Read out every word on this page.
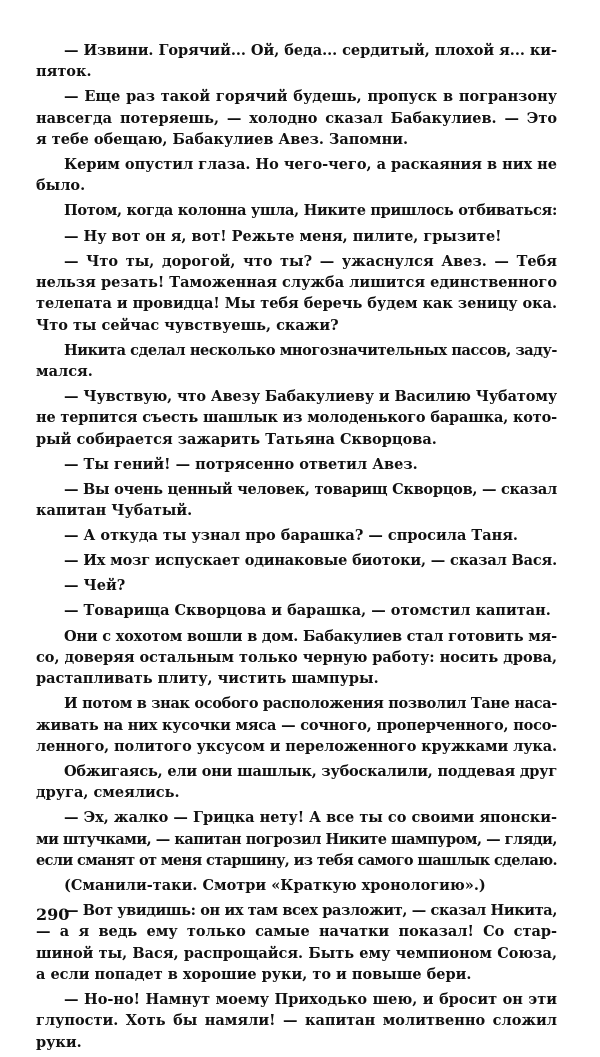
— Извини. Горячий... Ой, беда... сердитый, плохой я... ки-
пяток.
— Еще раз такой горячий будешь, пропуск в погранзону
навсегда потеряешь, — холодно сказал Бабакулиев. — Это
я тебе обещаю, Бабакулиев Авез. Запомни.
Керим опустил глаза. Но чего-чего, а раскаяния в них не
было.
Потом, когда колонна ушла, Никите пришлось отбиваться:
— Ну вот он я, вот! Режьте меня, пилите, грызите!
— Что ты, дорогой, что ты? — ужаснулся Авез. — Тебя
нельзя резать! Таможенная служба лишится единственного
телепата и провидца! Мы тебя беречь будем как зеницу ока.
Что ты сейчас чувствуешь, скажи?
Никита сделал несколько многозначительных пассов, заду-
мался.
— Чувствую, что Авезу Бабакулиеву и Василию Чубатому
не терпится съесть шашлык из молоденького барашка, кото-
рый собирается зажарить Татьяна Скворцова.
— Ты гений! — потрясенно ответил Авез.
— Вы очень ценный человек, товарищ Скворцов, — сказал
капитан Чубатый.
— А откуда ты узнал про барашка? — спросила Таня.
— Их мозг испускает одинаковые биотоки, — сказал Вася.
— Чей?
— Товарища Скворцова и барашка, — отомстил капитан.
Они с хохотом вошли в дом. Бабакулиев стал готовить мя-
со, доверяя остальным только черную работу: носить дрова,
растапливать плиту, чистить шампуры.
И потом в знак особого расположения позволил Тане наса-
живать на них кусочки мяса — сочного, проперченного, посо-
ленного, политого уксусом и переложенного кружками лука.
Обжигаясь, ели они шашлык, зубоскалили, поддевая друг
друга, смеялись.
— Эх, жалко — Грицка нету! А все ты со своими японски-
ми штучками, — капитан погрозил Никите шампуром, — гляди,
если сманят от меня старшину, из тебя самого шашлык сделаю.
(Сманили-таки. Смотри «Краткую хронологию».)
— Вот увидишь: он их там всех разложит, — сказал Никита,
— а я ведь ему только самые начатки показал! Со стар-
шиной ты, Вася, распрощайся. Быть ему чемпионом Союза,
а если попадет в хорошие руки, то и повыше бери.
— Но-но! Намнут моему Приходько шею, и бросит он эти
глупости. Хоть бы намяли! — капитан молитвенно сложил
руки.
290
